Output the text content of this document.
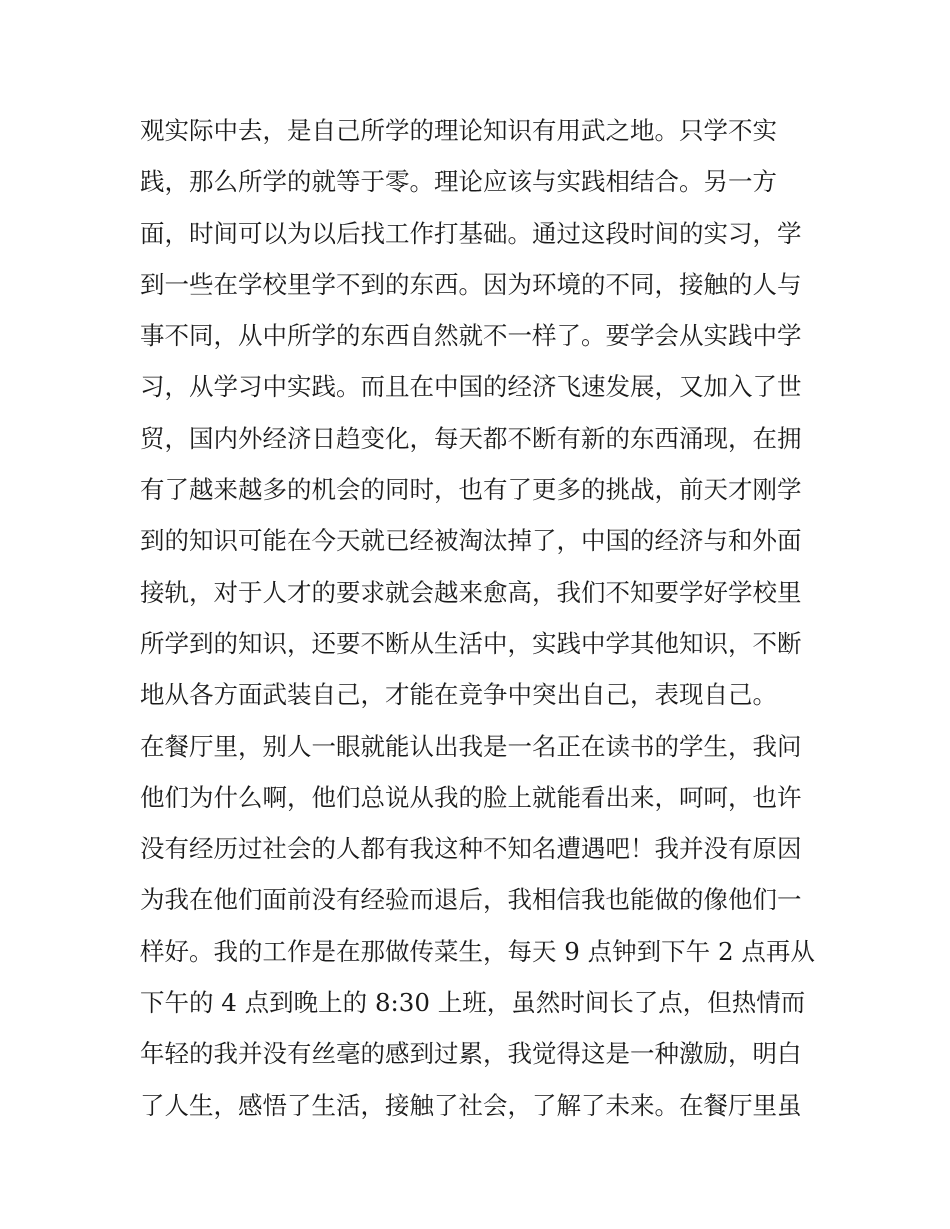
观实际中去，是自己所学的理论知识有用武之地。只学不实
践，那么所学的就等于零。理论应该与实践相结合。另一方
面，时间可以为以后找工作打基础。通过这段时间的实习，学
到一些在学校里学不到的东西。因为环境的不同，接触的人与
事不同，从中所学的东西自然就不一样了。要学会从实践中学
习，从学习中实践。而且在中国的经济飞速发展，又加入了世
贸，国内外经济日趋变化，每天都不断有新的东西涌现，在拥
有了越来越多的机会的同时，也有了更多的挑战，前天才刚学
到的知识可能在今天就已经被淘汰掉了，中国的经济与和外面
接轨，对于人才的要求就会越来愈高，我们不知要学好学校里
所学到的知识，还要不断从生活中，实践中学其他知识，不断
地从各方面武装自己，才能在竞争中突出自己，表现自己。
在餐厅里，别人一眼就能认出我是一名正在读书的学生，我问
他们为什么啊，他们总说从我的脸上就能看出来，呵呵，也许
没有经历过社会的人都有我这种不知名遭遇吧！我并没有原因
为我在他们面前没有经验而退后，我相信我也能做的像他们一
样好。我的工作是在那做传菜生，每天 9 点钟到下午 2 点再从
下午的 4 点到晚上的 8:30 上班，虽然时间长了点，但热情而
年轻的我并没有丝毫的感到过累，我觉得这是一种激励，明白
了人生，感悟了生活，接触了社会，了解了未来。在餐厅里虽
